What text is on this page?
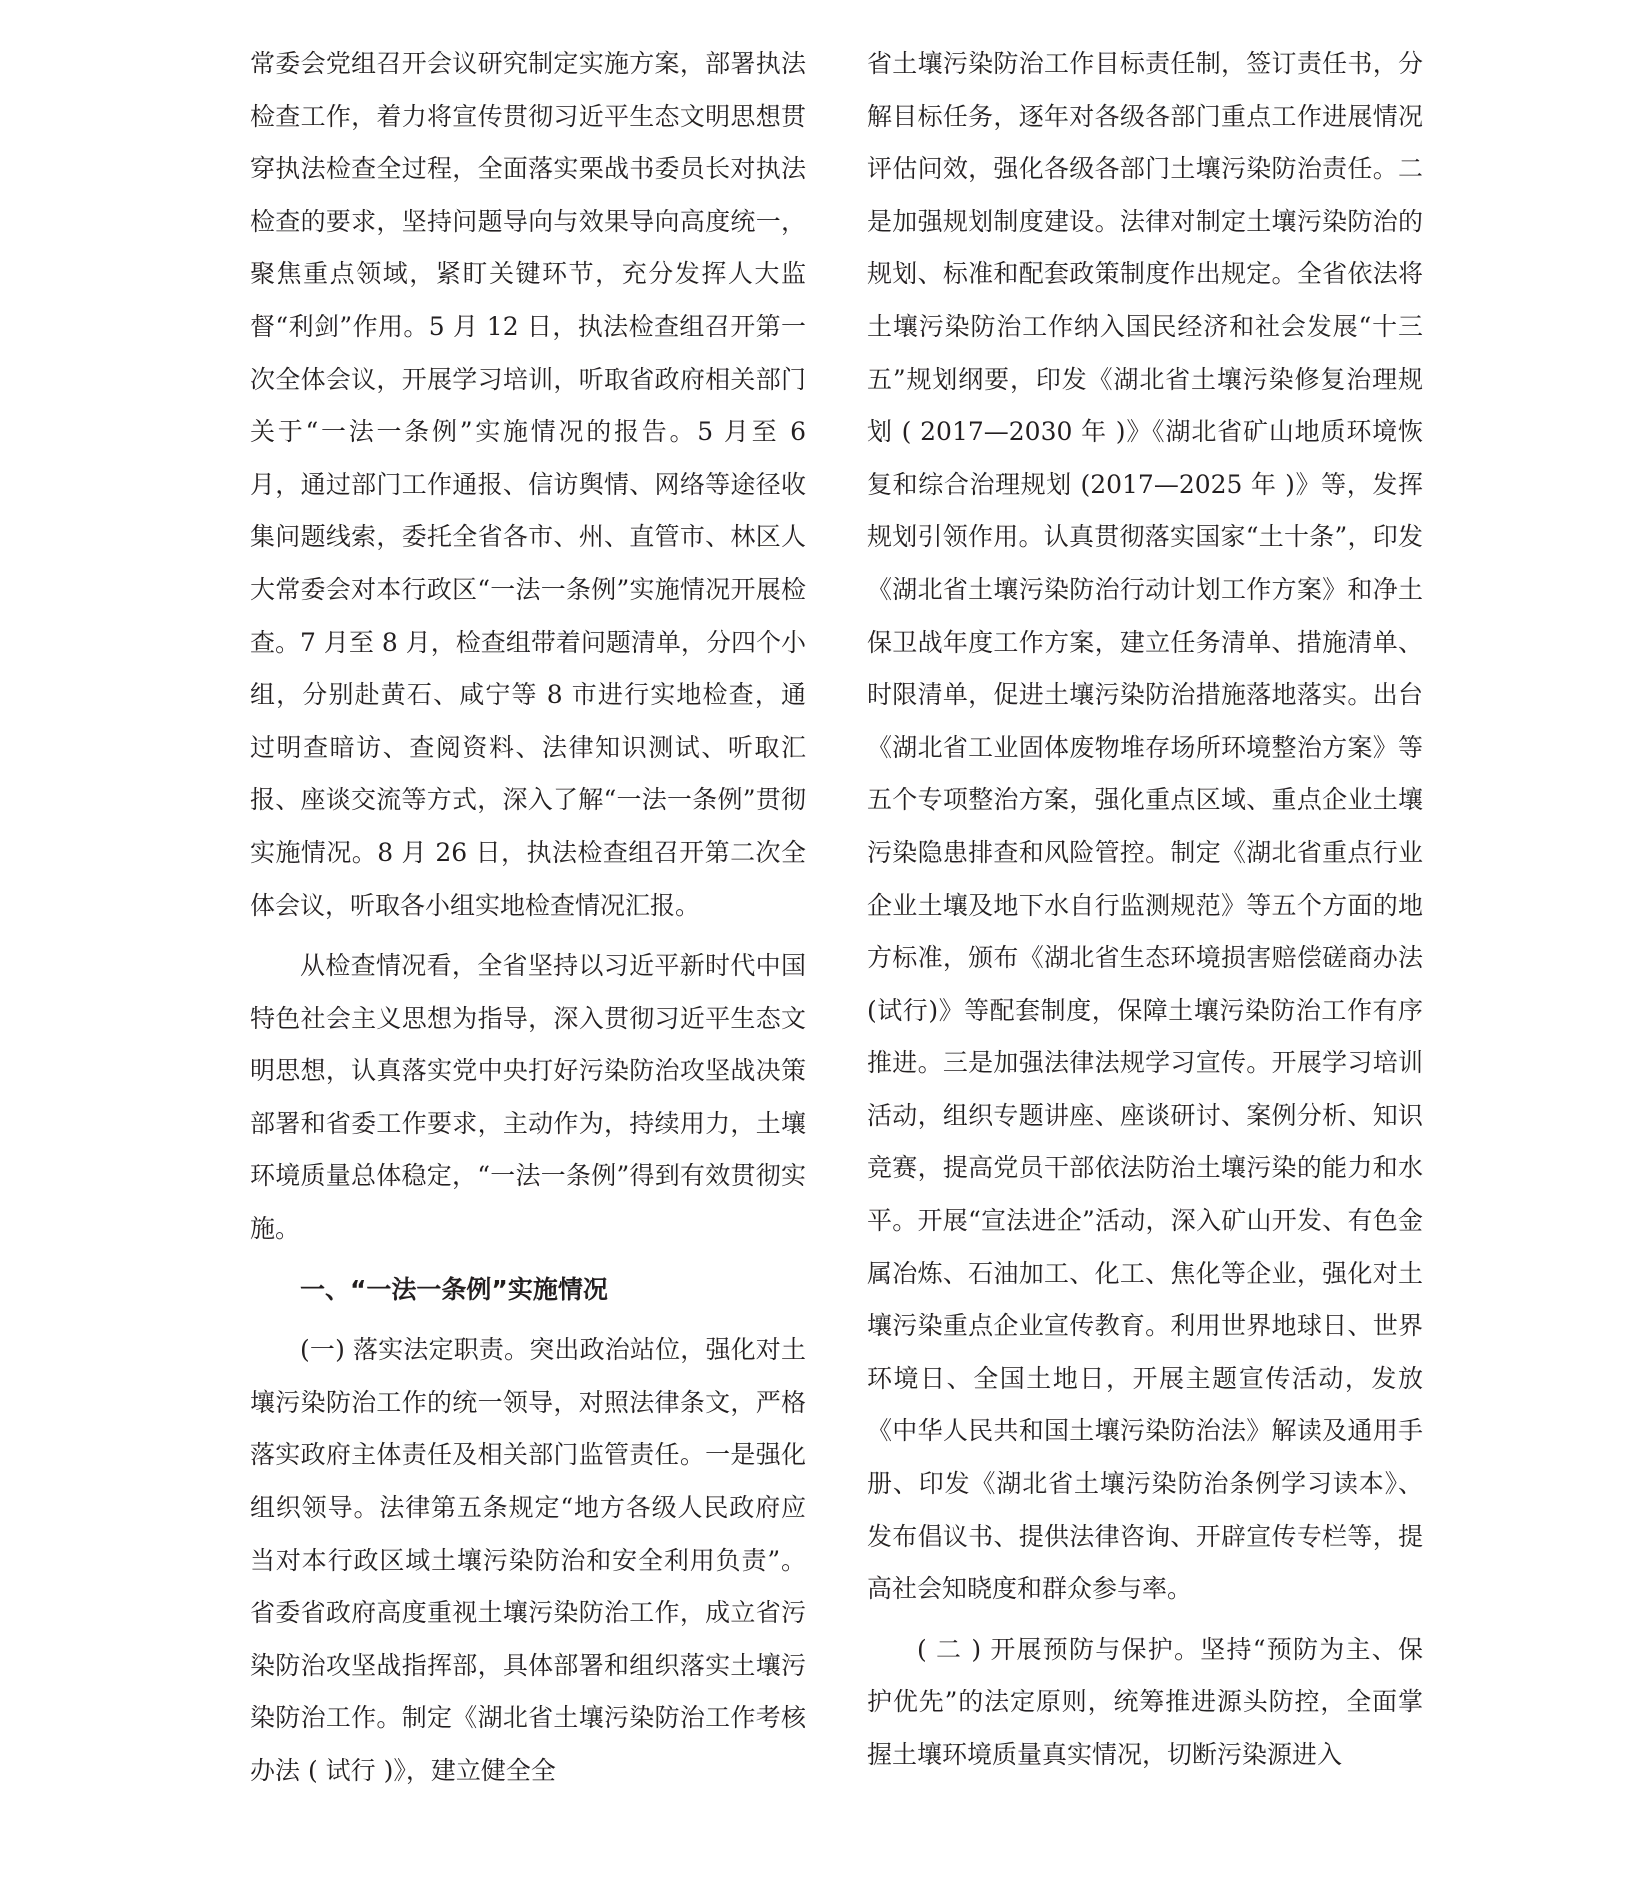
常委会党组召开会议研究制定实施方案，部署执法检查工作，着力将宣传贯彻习近平生态文明思想贯穿执法检查全过程，全面落实栗战书委员长对执法检查的要求，坚持问题导向与效果导向高度统一，聚焦重点领域，紧盯关键环节，充分发挥人大监督“利剑”作用。5 月 12 日，执法检查组召开第一次全体会议，开展学习培训，听取省政府相关部门关于“一法一条例”实施情况的报告。5 月至 6 月，通过部门工作通报、信访舆情、网络等途径收集问题线索，委托全省各市、州、直管市、林区人大常委会对本行政区“一法一条例”实施情况开展检查。7 月至 8 月，检查组带着问题清单，分四个小组，分别赴黄石、咸宁等 8 市进行实地检查，通过明查暗访、查阅资料、法律知识测试、听取汇报、座谈交流等方式，深入了解“一法一条例”贯彻实施情况。8 月 26 日，执法检查组召开第二次全体会议，听取各小组实地检查情况汇报。

从检查情况看，全省坚持以习近平新时代中国特色社会主义思想为指导，深入贯彻习近平生态文明思想，认真落实党中央打好污染防治攻坚战决策部署和省委工作要求，主动作为，持续用力，土壤环境质量总体稳定，“一法一条例”得到有效贯彻实施。

一、“一法一条例”实施情况

(一) 落实法定职责。突出政治站位，强化对土壤污染防治工作的统一领导，对照法律条文，严格落实政府主体责任及相关部门监管责任。一是强化组织领导。法律第五条规定“地方各级人民政府应当对本行政区域土壤污染防治和安全利用负责”。省委省政府高度重视土壤污染防治工作，成立省污染防治攻坚战指挥部，具体部署和组织落实土壤污染防治工作。制定《湖北省土壤污染防治工作考核办法 ( 试行 )》，建立健全全

省土壤污染防治工作目标责任制，签订责任书，分解目标任务，逐年对各级各部门重点工作进展情况评估问效，强化各级各部门土壤污染防治责任。二是加强规划制度建设。法律对制定土壤污染防治的规划、标准和配套政策制度作出规定。全省依法将土壤污染防治工作纳入国民经济和社会发展“十三五”规划纲要，印发《湖北省土壤污染修复治理规划 ( 2017—2030 年 )》《湖北省矿山地质环境恢复和综合治理规划 (2017—2025 年 )》等，发挥规划引领作用。认真贯彻落实国家“土十条”，印发《湖北省土壤污染防治行动计划工作方案》和净土保卫战年度工作方案，建立任务清单、措施清单、时限清单，促进土壤污染防治措施落地落实。出台《湖北省工业固体废物堆存场所环境整治方案》等五个专项整治方案，强化重点区域、重点企业土壤污染隐患排查和风险管控。制定《湖北省重点行业企业土壤及地下水自行监测规范》等五个方面的地方标准，颁布《湖北省生态环境损害赔偿磋商办法(试行)》等配套制度，保障土壤污染防治工作有序推进。三是加强法律法规学习宣传。开展学习培训活动，组织专题讲座、座谈研讨、案例分析、知识竞赛，提高党员干部依法防治土壤污染的能力和水平。开展“宣法进企”活动，深入矿山开发、有色金属冶炼、石油加工、化工、焦化等企业，强化对土壤污染重点企业宣传教育。利用世界地球日、世界环境日、全国土地日，开展主题宣传活动，发放《中华人民共和国土壤污染防治法》解读及通用手册、印发《湖北省土壤污染防治条例学习读本》、发布倡议书、提供法律咨询、开辟宣传专栏等，提高社会知晓度和群众参与率。

( 二 ) 开展预防与保护。坚持“预防为主、保护优先”的法定原则，统筹推进源头防控，全面掌握土壤环境质量真实情况，切断污染源进入
